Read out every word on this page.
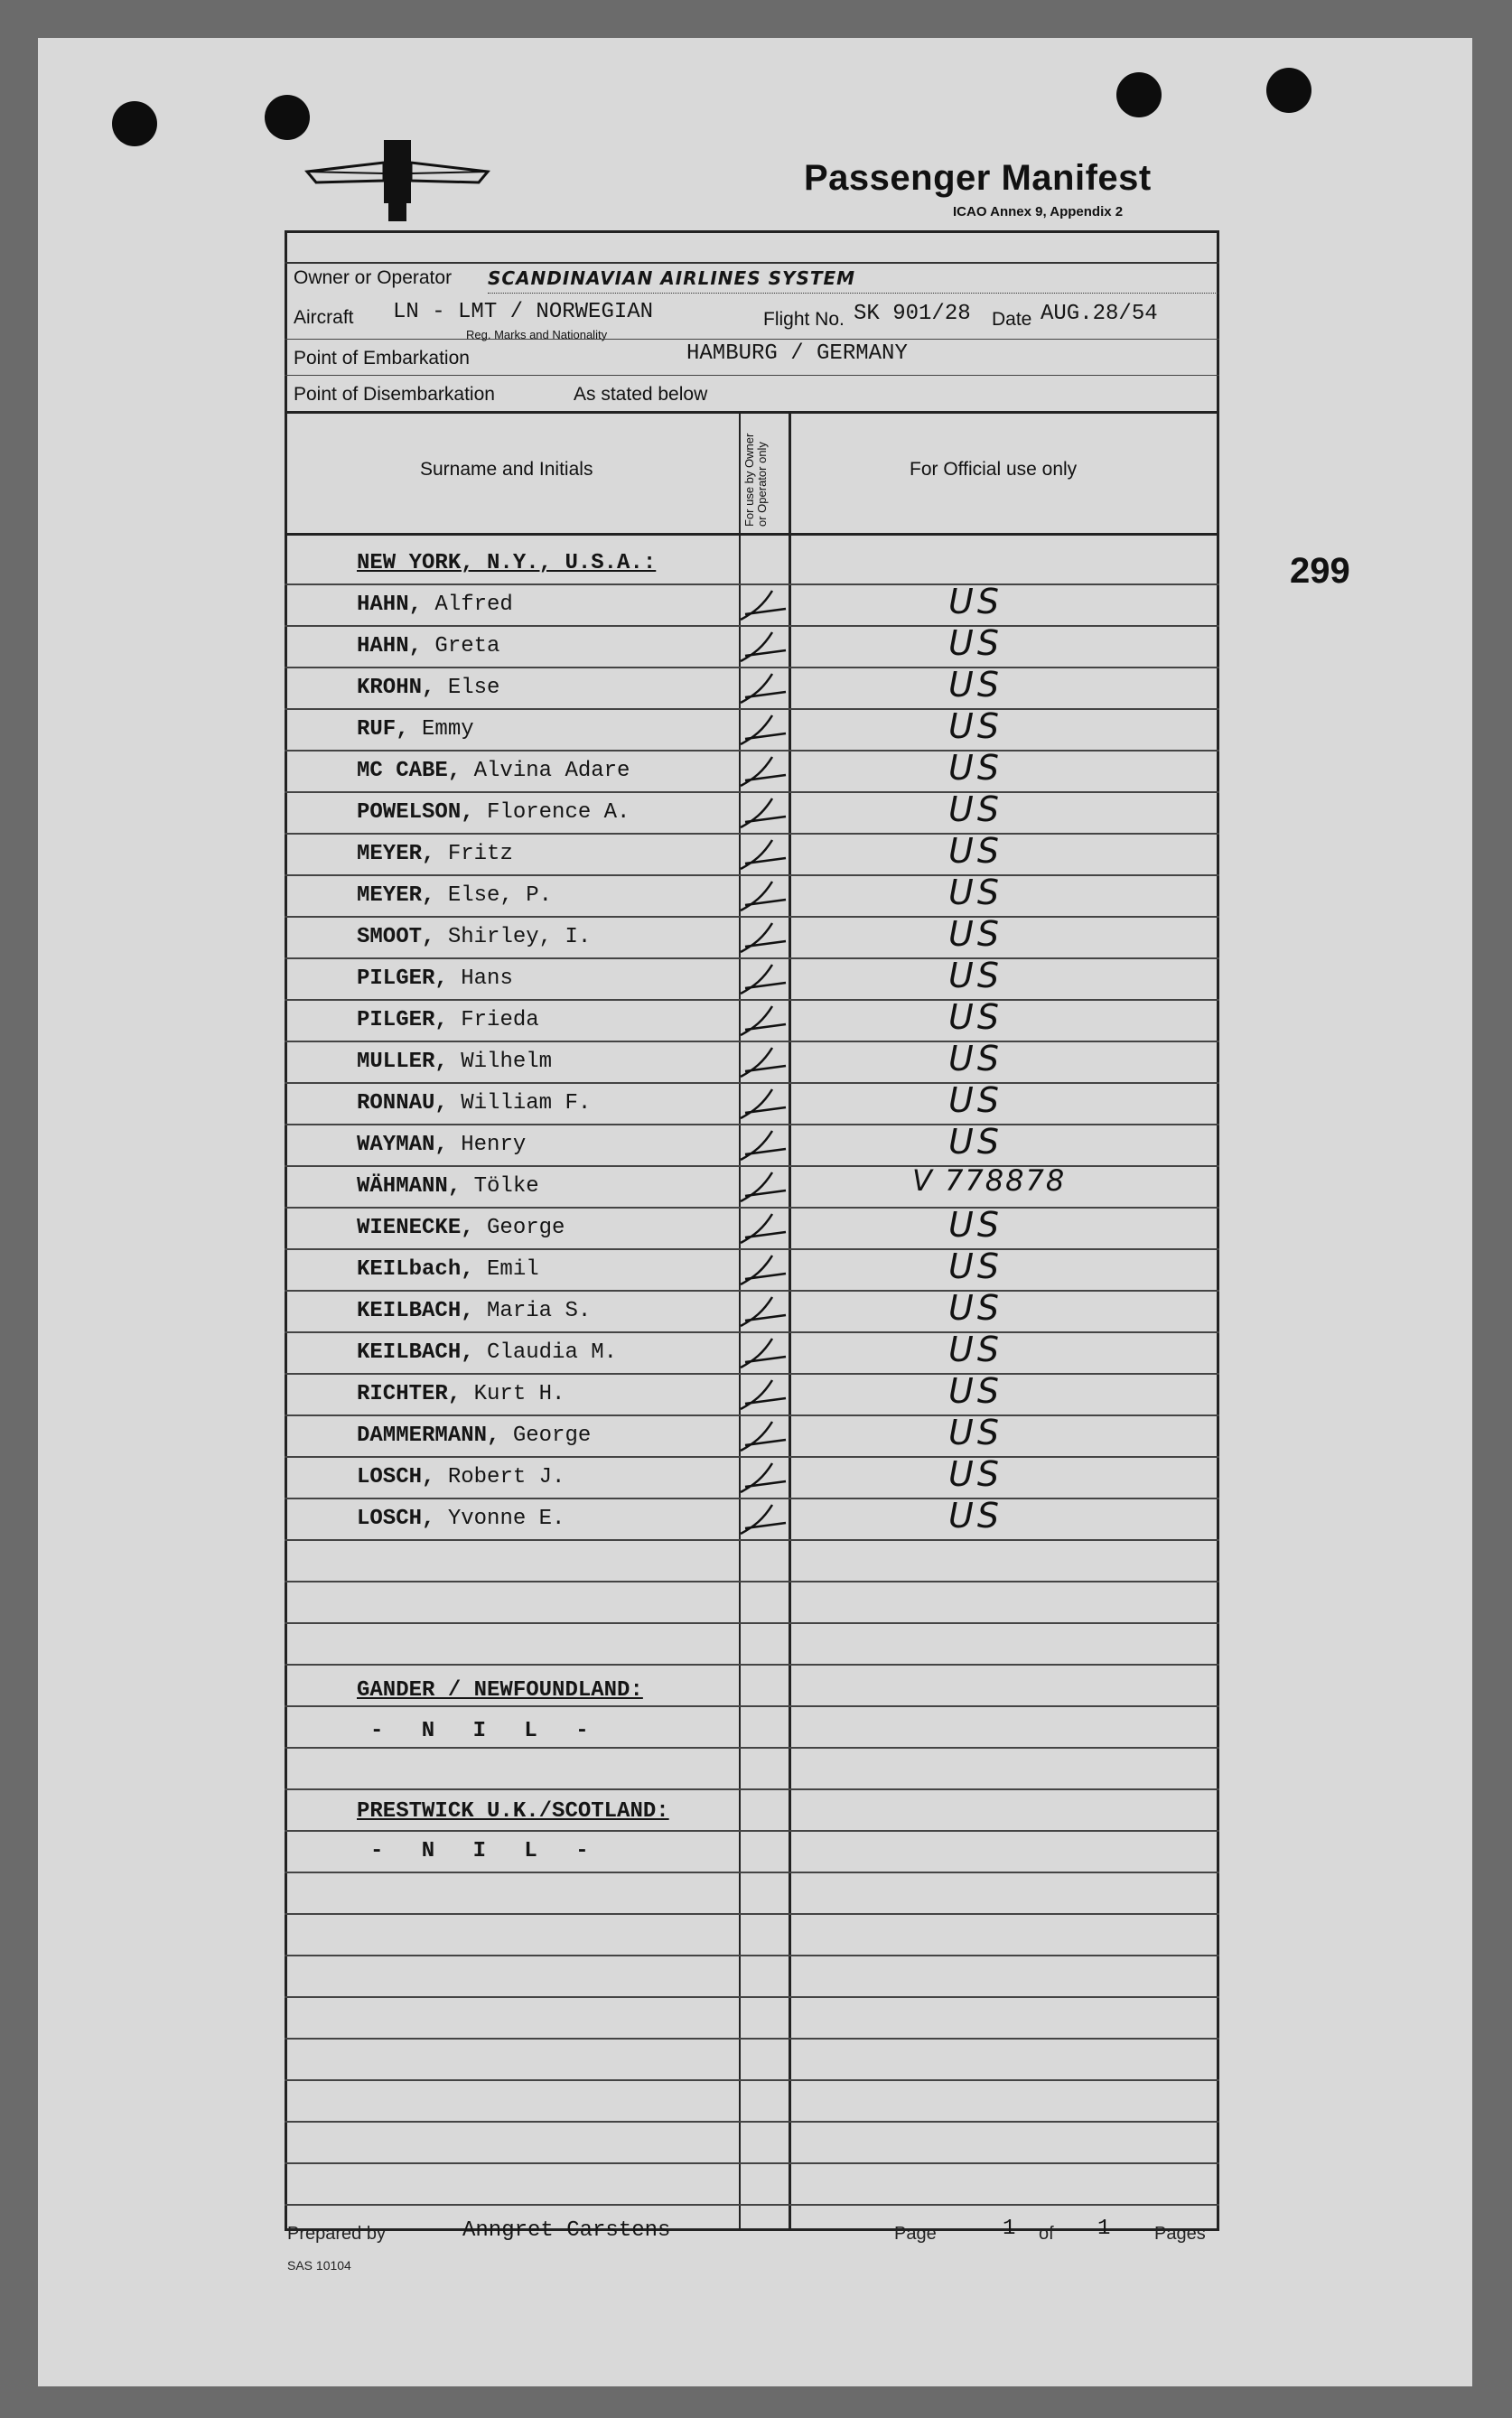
Passenger Manifest
ICAO Annex 9, Appendix 2
299
Owner or Operator SCANDINAVIAN AIRLINES SYSTEM
Aircraft LN - LMT / NORWEGIAN
Reg. Marks and Nationality
Flight No. SK 901/28 Date AUG.28/54
Point of Embarkation	HAMBURG / GERMANY
Point of Disembarkation	As stated below
Surname and Initials	For use by Owner or Operator only	For Official use only
NEW YORK, N.Y., U.S.A.:
HAHN, Alfred	US
HAHN, Greta	US
KROHN, Else	US
RUF, Emmy	US
MC CABE, Alvina Adare	US
POWELSON, Florence A.	US
MEYER, Fritz	US
MEYER, Else, P.	US
SMOOT, Shirley, I.	US
PILGER, Hans	US
PILGER, Frieda	US
MULLER, Wilhelm	US
RONNAU, William F.	US
WAYMAN, Henry	US
WÄHMANN, Tölke	V 778878
WIENECKE, George	US
KEILbach, Emil	US
KEILBACH, Maria S.	US
KEILBACH, Claudia M.	US
RICHTER, Kurt H.	US
DAMMERMANN, George	US
LOSCH, Robert J.	US
LOSCH, Yvonne E.	US
GANDER / NEWFOUNDLAND:
- N I L -
PRESTWICK U.K./SCOTLAND:
- N I L -
Prepared by	Anngret Carstens	Page	1 of 1 Pages
SAS 10104
